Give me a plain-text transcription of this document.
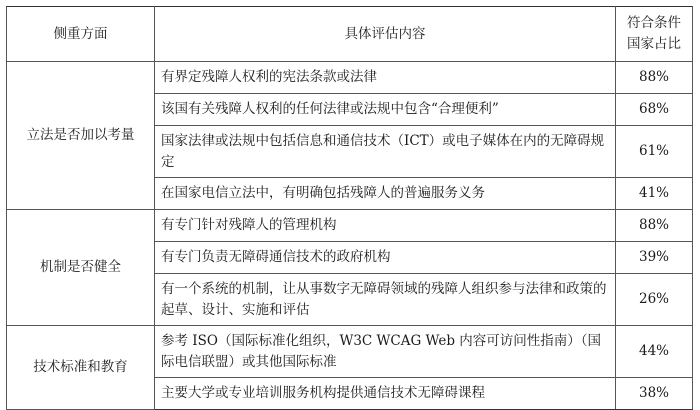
侧重方面	具体评估内容	符合条件
国家占比
立法是否加以考量	有界定残障人权利的宪法条款或法律	88%
	该国有关残障人权利的任何法律或法规中包含“合理便利”	68%
	国家法律或法规中包括信息和通信技术（ICT）或电子媒体在内的无障碍规定	61%
	在国家电信立法中，有明确包括残障人的普遍服务义务	41%
机制是否健全	有专门针对残障人的管理机构	88%
	有专门负责无障碍通信技术的政府机构	39%
	有一个系统的机制，让从事数字无障碍领域的残障人组织参与法律和政策的起草、设计、实施和评估	26%
技术标准和教育	参考 ISO（国际标准化组织，W3C WCAG Web 内容可访问性指南）（国际电信联盟）或其他国际标准	44%
	主要大学或专业培训服务机构提供通信技术无障碍课程	38%
